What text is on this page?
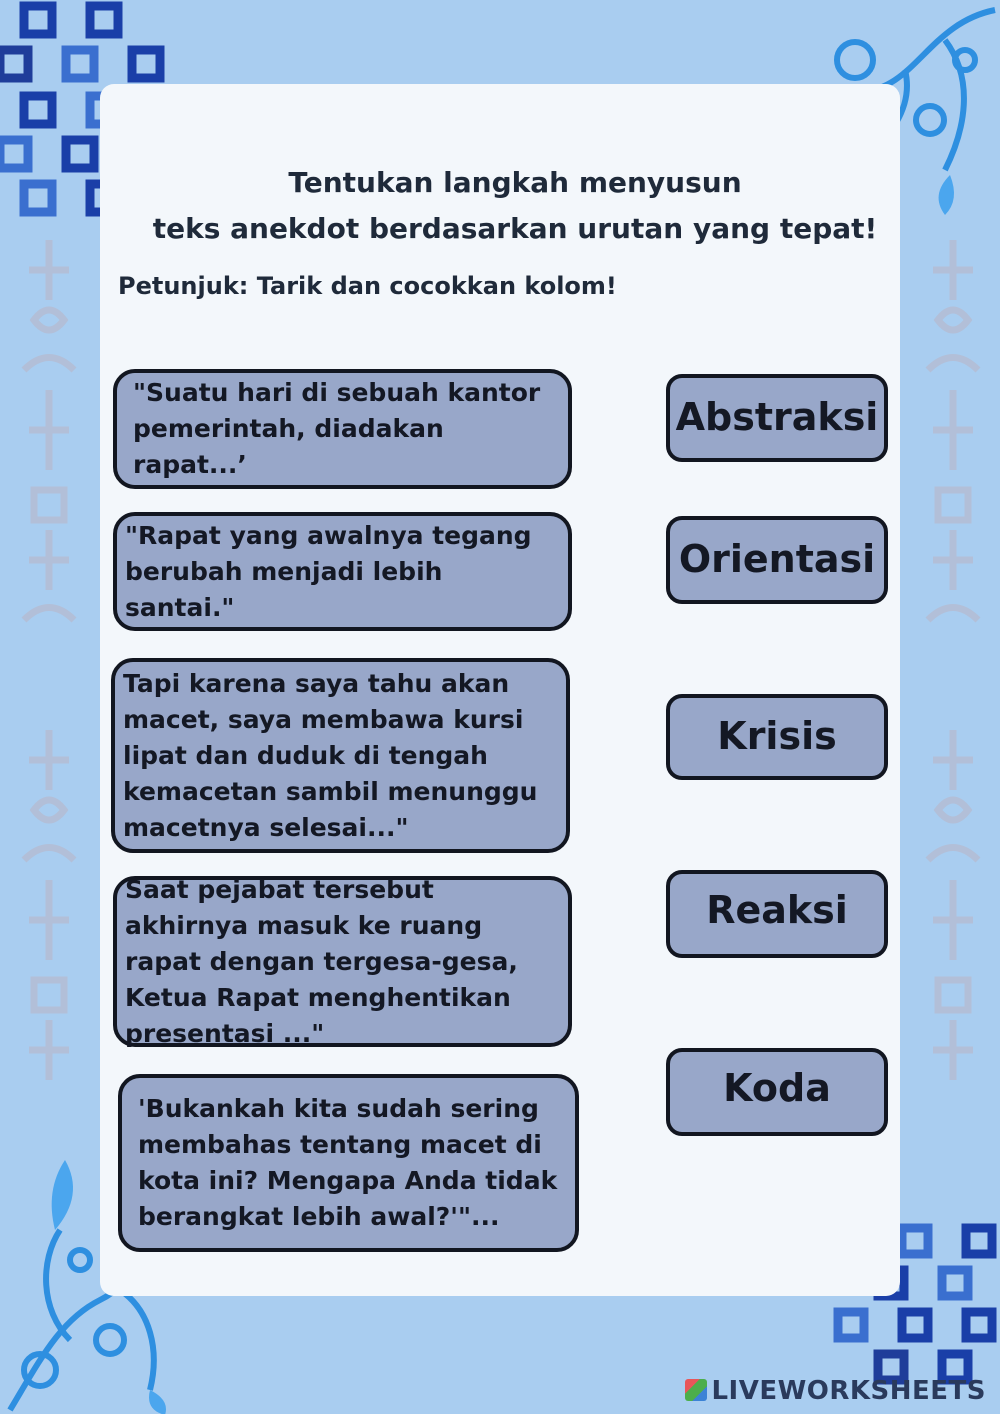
Tentukan langkah menyusun
teks anekdot berdasarkan urutan yang tepat!
Petunjuk: Tarik dan cocokkan kolom!
"Suatu hari di sebuah kantor pemerintah, diadakan rapat...’
"Rapat yang awalnya tegang berubah menjadi lebih santai."
Tapi karena saya tahu akan macet, saya membawa kursi lipat dan duduk di tengah kemacetan sambil menunggu macetnya selesai..."
Saat pejabat tersebut akhirnya masuk ke ruang rapat dengan tergesa-gesa, Ketua Rapat menghentikan presentasi ..."
'Bukankah kita sudah sering membahas tentang macet di kota ini? Mengapa Anda tidak berangkat lebih awal?'"...
Abstraksi
Orientasi
Krisis
Reaksi
Koda
LIVEWORKSHEETS
